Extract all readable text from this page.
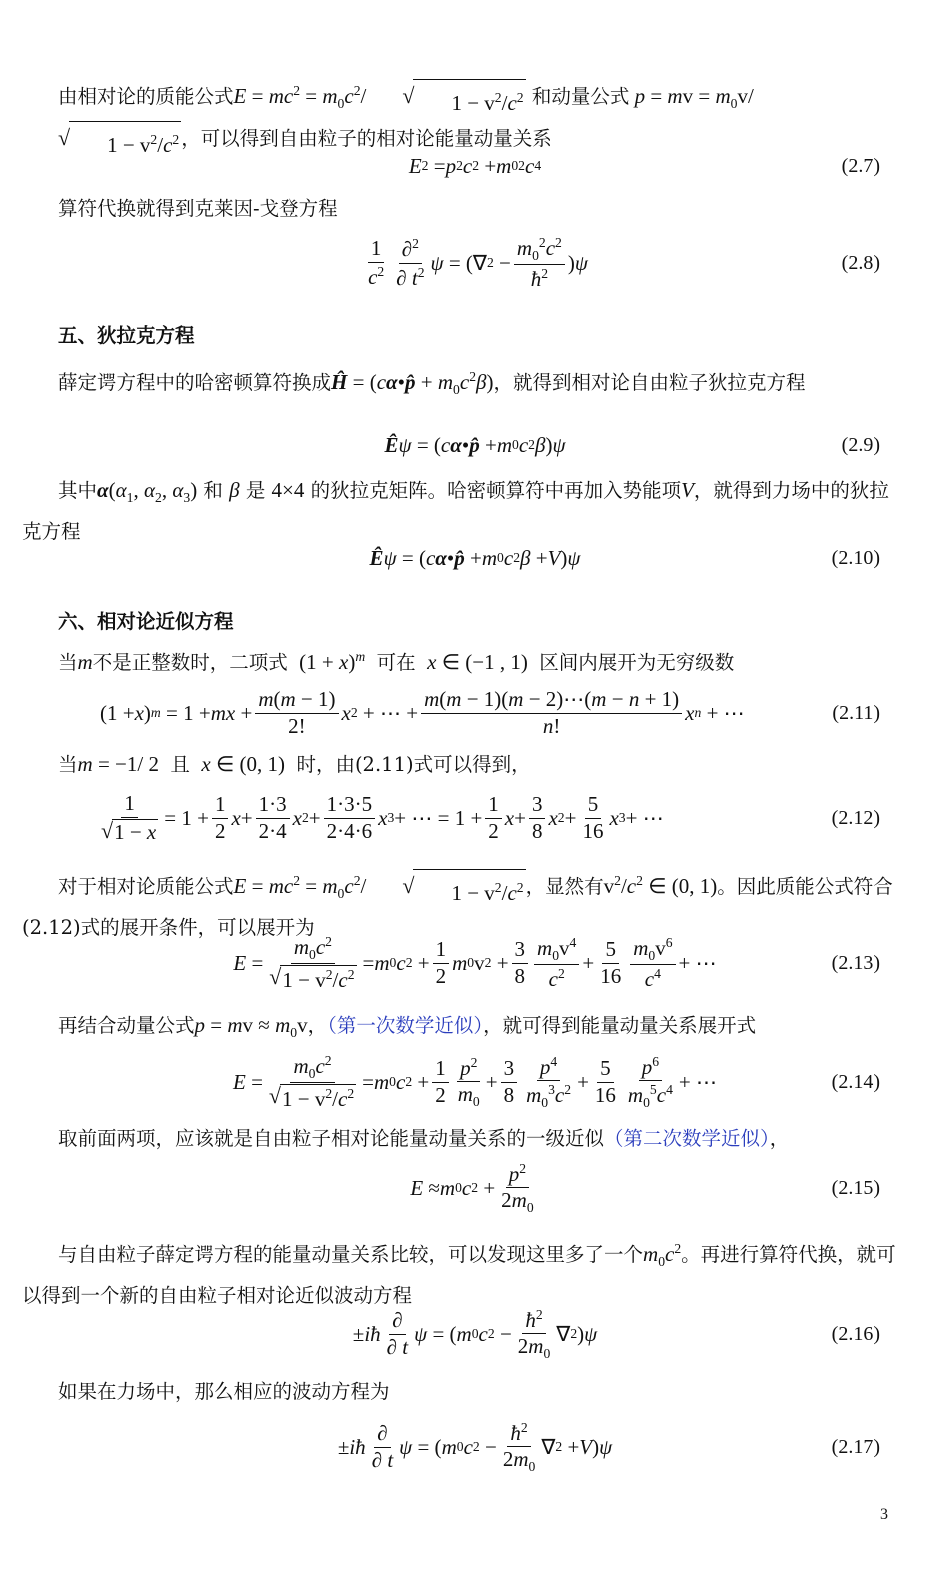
由相对论的质能公式$E = mc^2 = m_0c^2/$	√	$1 - v^2/c^2$ 和动量公式 p = mv = $m_0v/$
√	$1 - v^2/c^2$ ，可以得到自由粒子的相对论能量动量关系
E 2 = p 2 c 2 + m 0 2 c 4	(2.7)
算符代换就得到克莱因-戈登方程
$\frac{1}{c^2} \frac{\partial^2}{\partial t^2}$ ψ = (∇ $2 - \frac{m_0^2c^2}{ħ^2}$ ) ψ	(2.8)
五、狄拉克方程
薛定谔方程中的哈密顿算符换成Ĥ = (cα•p̂ + $m_0c^2\beta$)，就得到相对论自由粒子狄拉克方程
Ê ψ = ( c α • p̂ + m 0 c 2 β ) ψ	(2.9)
其中$\alpha(\alpha_1$, $\alpha_2$, $\alpha_3$) 和 β 是 4×4 的狄拉克矩阵。哈密顿算符中再加入势能项V，就得到力场中的狄拉克方程
Ê ψ = ( c α • p̂ + m 0 c 2 β + V ) ψ	(2.10)
六、相对论近似方程
当m不是正整数时，二项式  $(1 + x)^m$ 可在 x ∈ (−1 , 1)  区间内展开为无穷级数
(1 + x ) m = 1 + mx + $\frac{m(m - 1)}{2!}$ x 2 + ⋯ + $\frac{m(m - 1)(m - 2)\cdots(m - n + 1)}{n!}$ x n + ⋯	(2.11)
当m = −1/ 2  且 x ∈ (0, 1)  时，由(2.11)式可以得到，
$\frac{1}{√ 1 - x} = 1 + \frac{1}{2}$ $x + \frac{1\cdot 3}{2\cdot 4}$ x $2 + \frac{1\cdot 3\cdot 5}{2\cdot 4\cdot 6}$ x 3 + ⋯ = $1 + \frac{1}{2}$ $x + \frac{3}{8}$ x $2 + \frac{5}{16}$ x 3 + ⋯	(2.12)
对于相对论质能公式$E = mc^2 = m_0c^2/$	√	$1 - v^2/c^2$ ，显然有$v^2/c^2$ ∈ (0, 1)。因此质能公式符合(2.12)式的展开条件，可以展开为
$E = \frac{m_0c^2}{√ 1 - v^2/c^2} = m$ 0 c $2 + \frac{1}{2}$ m 0 v $2 + \frac{3}{8} \frac{m_0v^4}{c^2} + \frac{5}{16} \frac{m_0v^6}{c^4}$ + ⋯	(2.13)
再结合动量公式p = mv ≈ $m_0v$，（第一次数学近似），就可得到能量动量关系展开式
$E = \frac{m_0c^2}{√ 1 - v^2/c^2} = m$ 0 c $2 + \frac{1}{2} \frac{p^2}{m_0} + \frac{3}{8} \frac{p^4}{m_0^3c^2} + \frac{5}{16} \frac{p^6}{m_0^5c^4}$ + ⋯	(2.14)
取前面两项，应该就是自由粒子相对论能量动量关系的一级近似（第二次数学近似），
E ≈ m 0 c $2 + \frac{p^2}{2m_0}$	(2.15)
与自由粒子薛定谔方程的能量动量关系比较，可以发现这里多了一个$m_0c^2$。再进行算符代换，就可以得到一个新的自由粒子相对论近似波动方程
± iħ $\frac{\partial}{\partial t}$ ψ = ( m 0 c $2 - \frac{ħ^2}{2m_0}$ ∇ 2 ) ψ	(2.16)
如果在力场中，那么相应的波动方程为
± iħ $\frac{\partial}{\partial t}$ ψ = ( m 0 c $2 - \frac{ħ^2}{2m_0}$ ∇ 2 + V ) ψ	(2.17)
3
